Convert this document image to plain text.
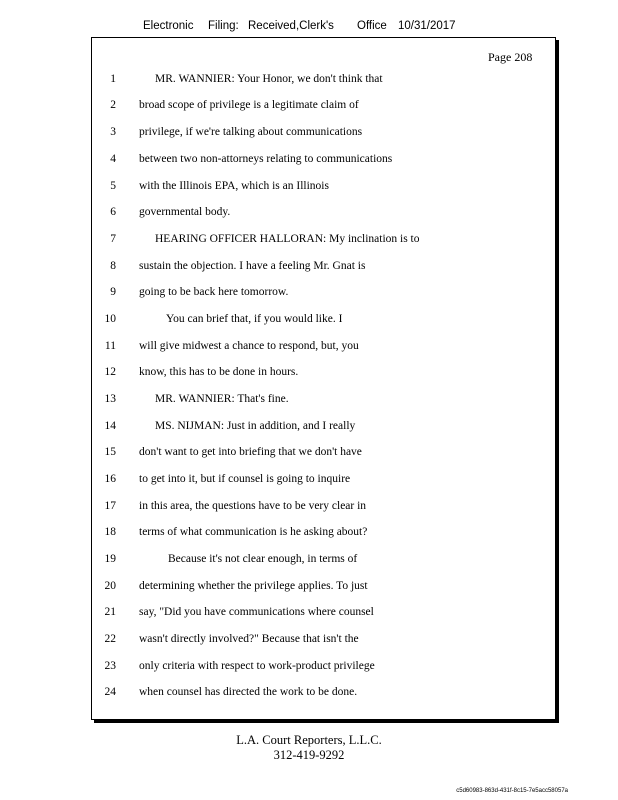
Electronic Filing: Received,Clerk's Office 10/31/2017
Page 208
1	MR. WANNIER: Your Honor, we don't think that
2 broad scope of privilege is a legitimate claim of
3 privilege, if we're talking about communications
4 between two non-attorneys relating to communications
5 with the Illinois EPA, which is an Illinois
6 governmental body.
7	HEARING OFFICER HALLORAN: My inclination is to
8 sustain the objection. I have a feeling Mr. Gnat is
9 going to be back here tomorrow.
10	You can brief that, if you would like. I
11 will give midwest a chance to respond, but, you
12 know, this has to be done in hours.
13	MR. WANNIER: That's fine.
14	MS. NIJMAN: Just in addition, and I really
15 don't want to get into briefing that we don't have
16 to get into it, but if counsel is going to inquire
17 in this area, the questions have to be very clear in
18 terms of what communication is he asking about?
19	Because it's not clear enough, in terms of
20 determining whether the privilege applies. To just
21 say, "Did you have communications where counsel
22 wasn't directly involved?" Because that isn't the
23 only criteria with respect to work-product privilege
24 when counsel has directed the work to be done.
L.A. Court Reporters, L.L.C.
312-419-9292
c5d60983-863d-431f-8c15-7e5acc58057a
